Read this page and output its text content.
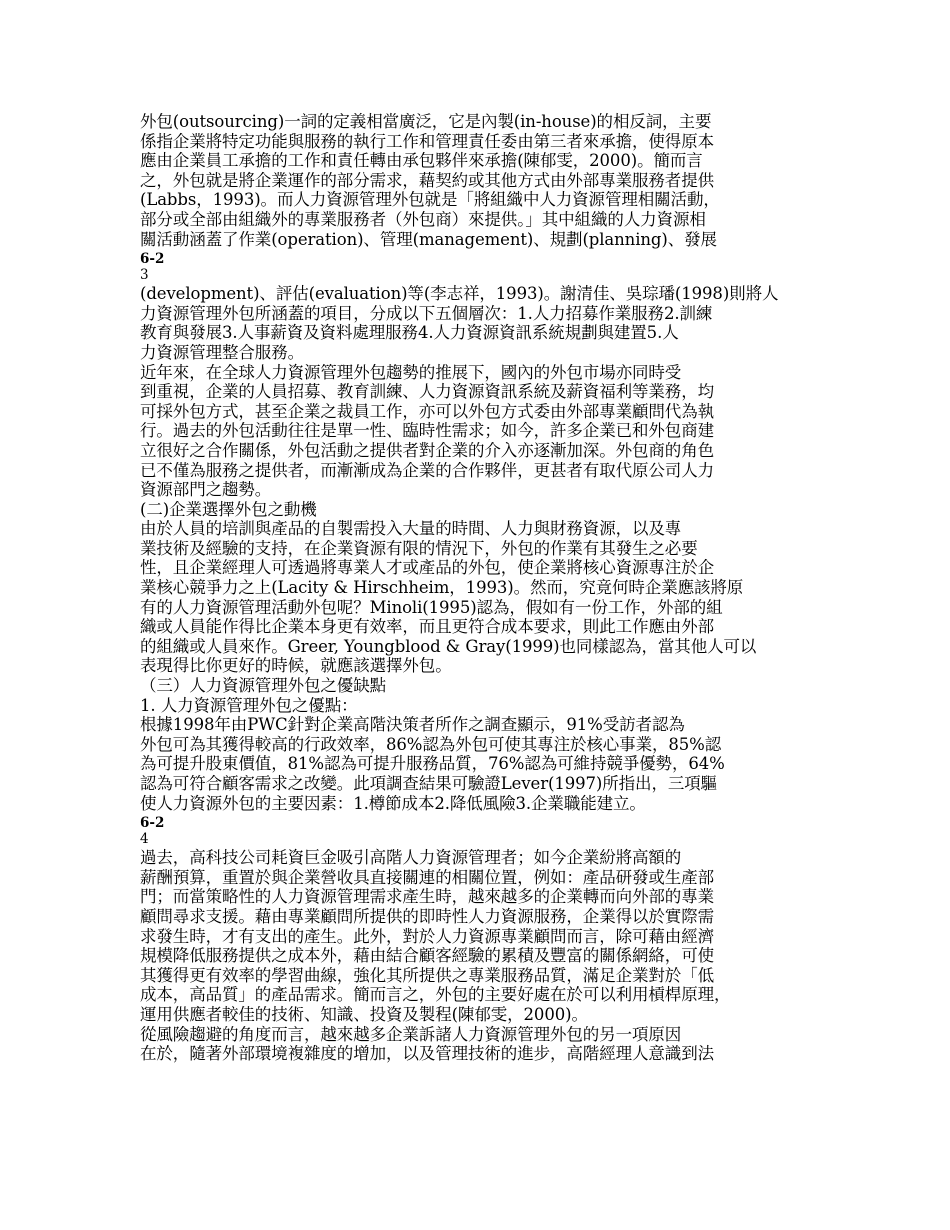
外包(outsourcing)一詞的定義相當廣泛，它是內製(in-house)的相反詞，主要
係指企業將特定功能與服務的執行工作和管理責任委由第三者來承擔，使得原本
應由企業員工承擔的工作和責任轉由承包夥伴來承擔(陳郁雯，2000)。簡而言
之，外包就是將企業運作的部分需求，藉契約或其他方式由外部專業服務者提供
(Labbs，1993)。而人力資源管理外包就是「將組織中人力資源管理相關活動，
部分或全部由組織外的專業服務者（外包商）來提供。」其中組織的人力資源相
關活動涵蓋了作業(operation)、管理(management)、規劃(planning)、發展
6-2
3
(development)、評估(evaluation)等(李志祥，1993)。謝清佳、吳琮璠(1998)則將人
力資源管理外包所涵蓋的項目，分成以下五個層次：1.人力招募作業服務2.訓練
教育與發展3.人事薪資及資料處理服務4.人力資源資訊系統規劃與建置5.人
力資源管理整合服務。
近年來，在全球人力資源管理外包趨勢的推展下，國內的外包市場亦同時受
到重視，企業的人員招募、教育訓練、人力資源資訊系統及薪資福利等業務，均
可採外包方式，甚至企業之裁員工作，亦可以外包方式委由外部專業顧問代為執
行。過去的外包活動往往是單一性、臨時性需求；如今，許多企業已和外包商建
立很好之合作關係，外包活動之提供者對企業的介入亦逐漸加深。外包商的角色
已不僅為服務之提供者，而漸漸成為企業的合作夥伴，更甚者有取代原公司人力
資源部門之趨勢。
(二)企業選擇外包之動機
由於人員的培訓與產品的自製需投入大量的時間、人力與財務資源，以及專
業技術及經驗的支持，在企業資源有限的情況下，外包的作業有其發生之必要
性，且企業經理人可透過將專業人才或產品的外包，使企業將核心資源專注於企
業核心競爭力之上(Lacity & Hirschheim，1993)。然而，究竟何時企業應該將原
有的人力資源管理活動外包呢？Minoli(1995)認為，假如有一份工作，外部的組
織或人員能作得比企業本身更有效率，而且更符合成本要求，則此工作應由外部
的組織或人員來作。Greer, Youngblood & Gray(1999)也同樣認為，當其他人可以
表現得比你更好的時候，就應該選擇外包。
（三）人力資源管理外包之優缺點
1. 人力資源管理外包之優點：
根據1998年由PWC針對企業高階決策者所作之調查顯示，91%受訪者認為
外包可為其獲得較高的行政效率，86%認為外包可使其專注於核心事業，85%認
為可提升股東價值，81%認為可提升服務品質，76%認為可維持競爭優勢，64%
認為可符合顧客需求之改變。此項調查結果可驗證Lever(1997)所指出，三項驅
使人力資源外包的主要因素：1.樽節成本2.降低風險3.企業職能建立。
6-2
4
過去，高科技公司耗資巨金吸引高階人力資源管理者；如今企業紛將高額的
薪酬預算，重置於與企業營收具直接關連的相關位置，例如：產品研發或生產部
門；而當策略性的人力資源管理需求產生時，越來越多的企業轉而向外部的專業
顧問尋求支援。藉由專業顧問所提供的即時性人力資源服務，企業得以於實際需
求發生時，才有支出的產生。此外，對於人力資源專業顧問而言，除可藉由經濟
規模降低服務提供之成本外，藉由結合顧客經驗的累積及豐富的關係網絡，可使
其獲得更有效率的學習曲線，強化其所提供之專業服務品質，滿足企業對於「低
成本，高品質」的產品需求。簡而言之，外包的主要好處在於可以利用槓桿原理，
運用供應者較佳的技術、知識、投資及製程(陳郁雯，2000)。
從風險趨避的角度而言，越來越多企業訴諸人力資源管理外包的另一項原因
在於，隨著外部環境複雜度的增加，以及管理技術的進步，高階經理人意識到法
